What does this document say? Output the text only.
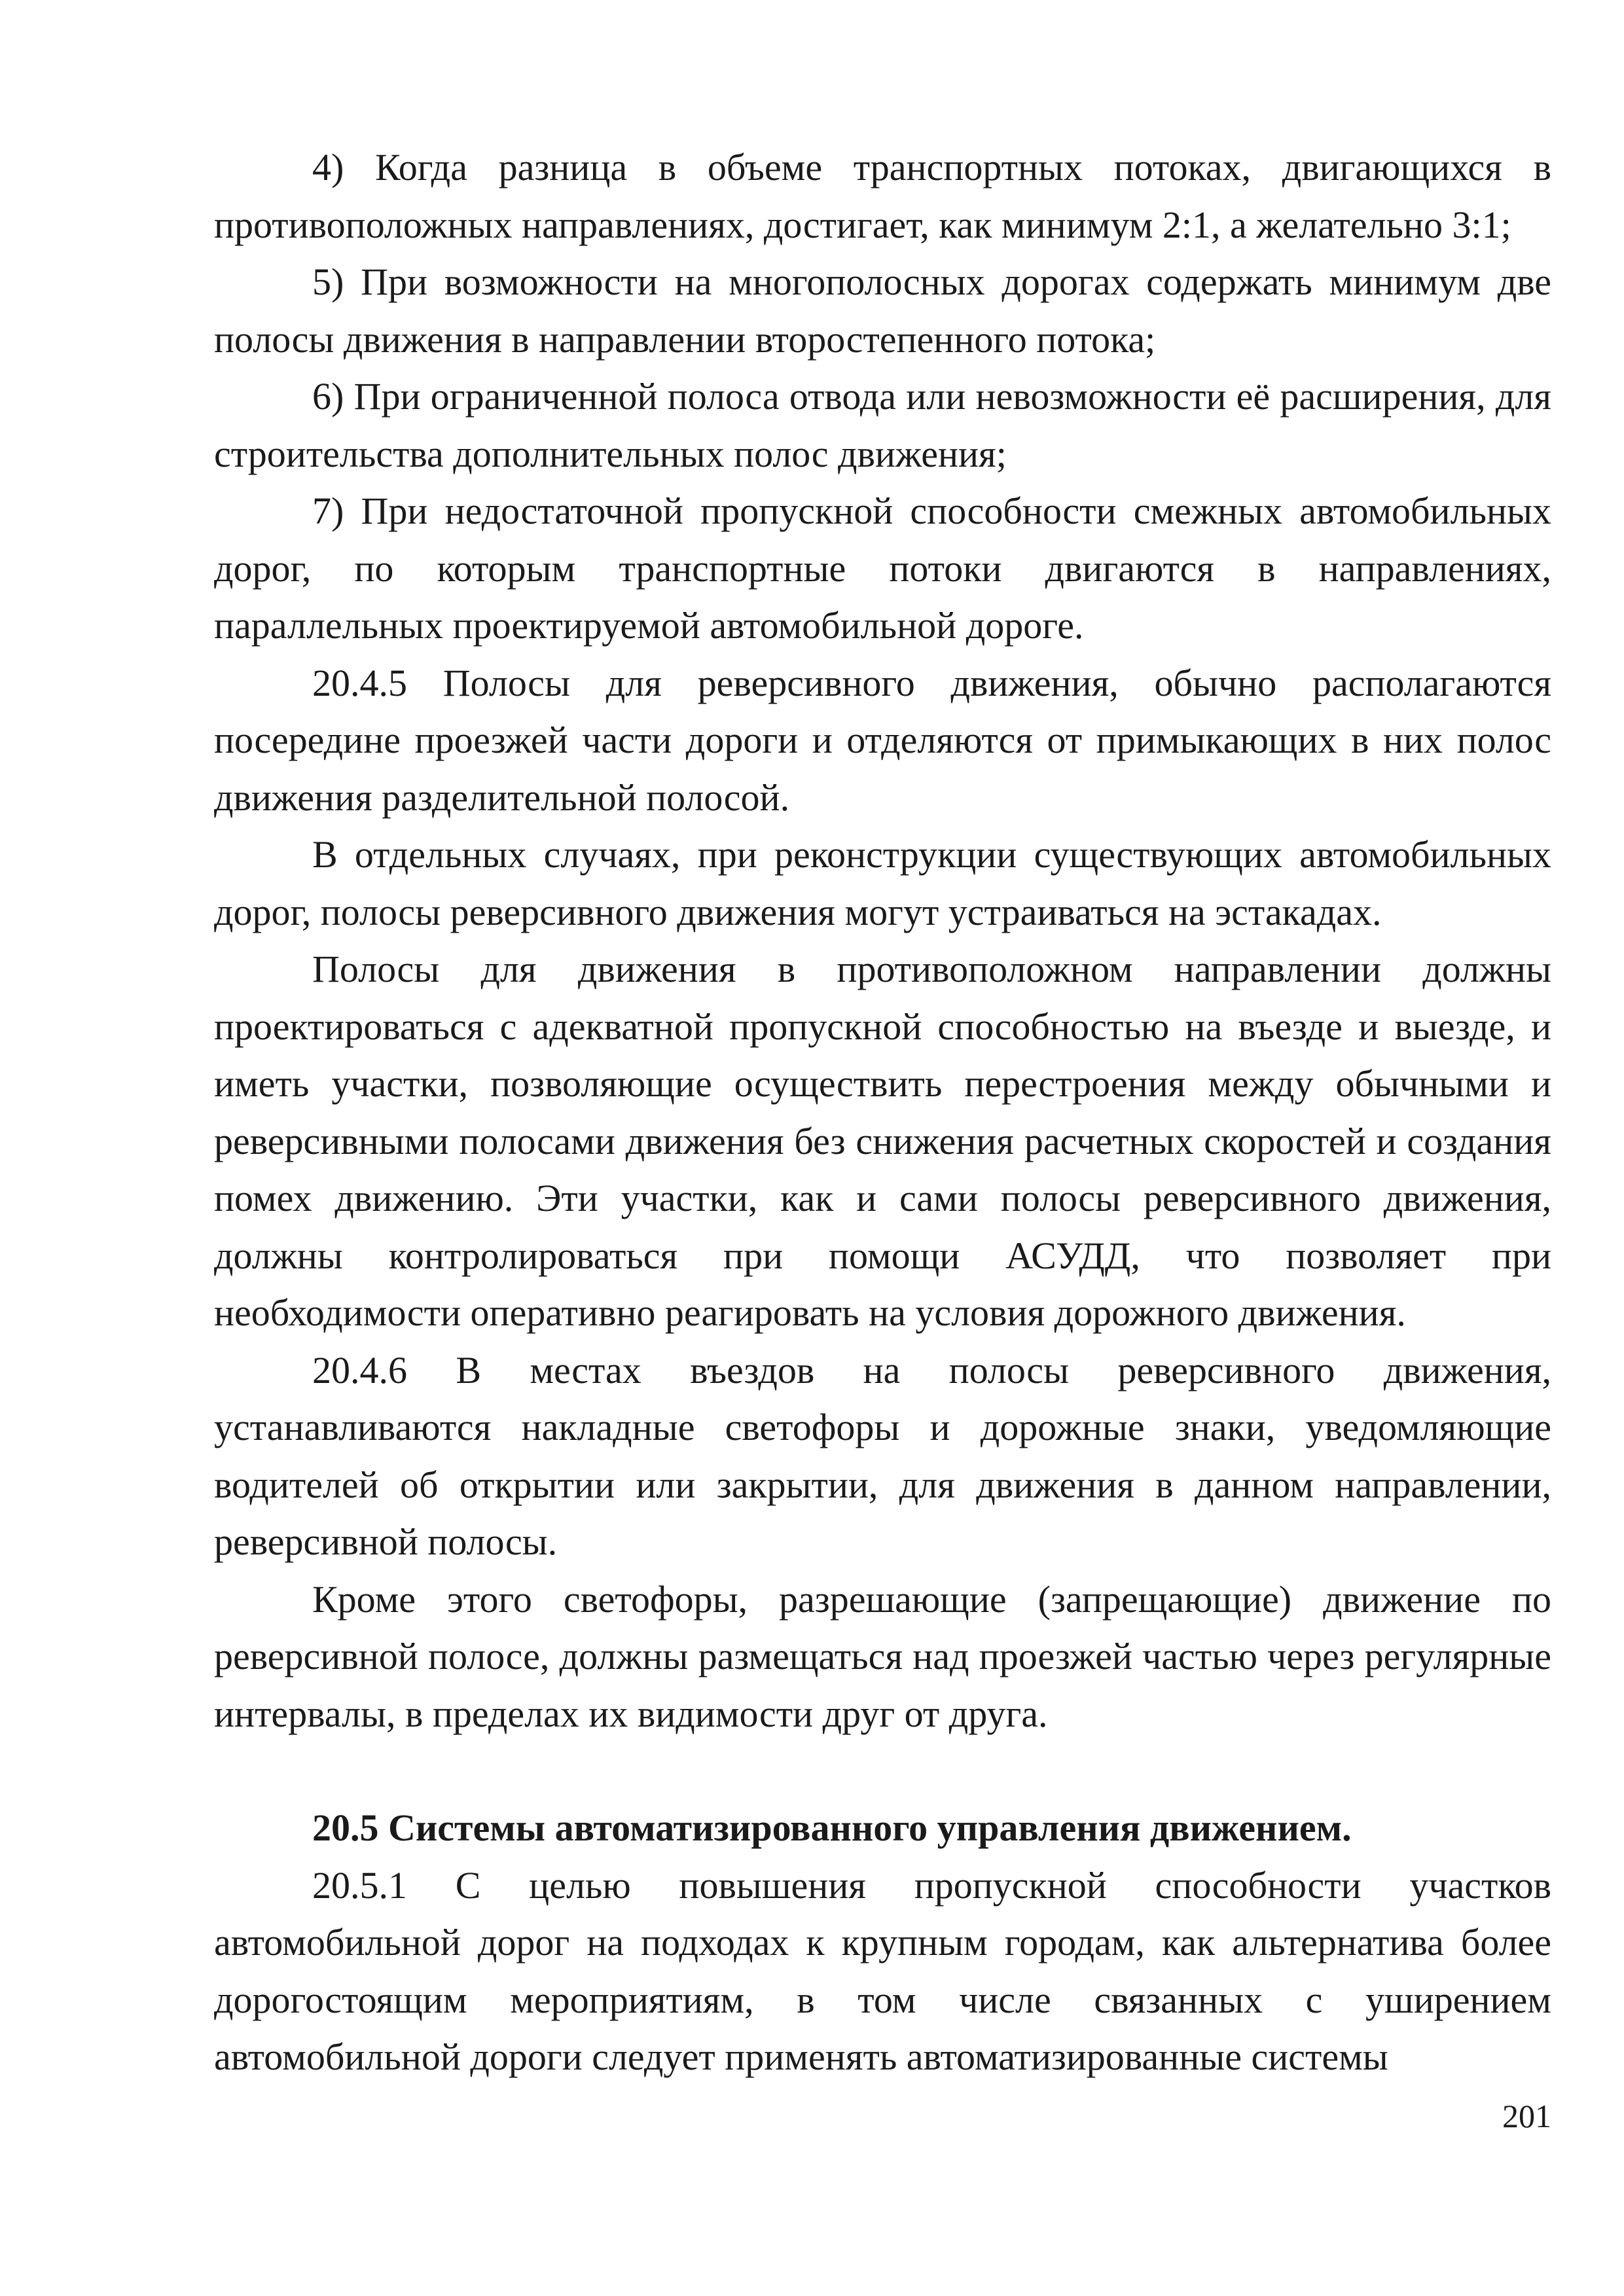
4) Когда разница в объеме транспортных потоках, двигающихся в противоположных направлениях, достигает, как минимум 2:1, а желательно 3:1;

5) При возможности на многополосных дорогах содержать минимум две полосы движения в направлении второстепенного потока;

6) При ограниченной полоса отвода или невозможности её расширения, для строительства дополнительных полос движения;

7) При недостаточной пропускной способности смежных автомобильных дорог, по которым транспортные потоки двигаются в направлениях, параллельных проектируемой автомобильной дороге.

20.4.5 Полосы для реверсивного движения, обычно располагаются посередине проезжей части дороги и отделяются от примыкающих в них полос движения разделительной полосой.

В отдельных случаях, при реконструкции существующих автомобильных дорог, полосы реверсивного движения могут устраиваться на эстакадах.

Полосы для движения в противоположном направлении должны проектироваться с адекватной пропускной способностью на въезде и выезде, и иметь участки, позволяющие осуществить перестроения между обычными и реверсивными полосами движения без снижения расчетных скоростей и создания помех движению. Эти участки, как и сами полосы реверсивного движения, должны контролироваться при помощи АСУДД, что позволяет при необходимости оперативно реагировать на условия дорожного движения.

20.4.6 В местах въездов на полосы реверсивного движения, устанавливаются накладные светофоры и дорожные знаки, уведомляющие водителей об открытии или закрытии, для движения в данном направлении, реверсивной полосы.

Кроме этого светофоры, разрешающие (запрещающие) движение по реверсивной полосе, должны размещаться над проезжей частью через регулярные интервалы, в пределах их видимости друг от друга.

20.5 Системы автоматизированного управления движением.

20.5.1 С целью повышения пропускной способности участков автомобильной дорог на подходах к крупным городам, как альтернатива более дорогостоящим мероприятиям, в том числе связанных с уширением автомобильной дороги следует применять автоматизированные системы

201
